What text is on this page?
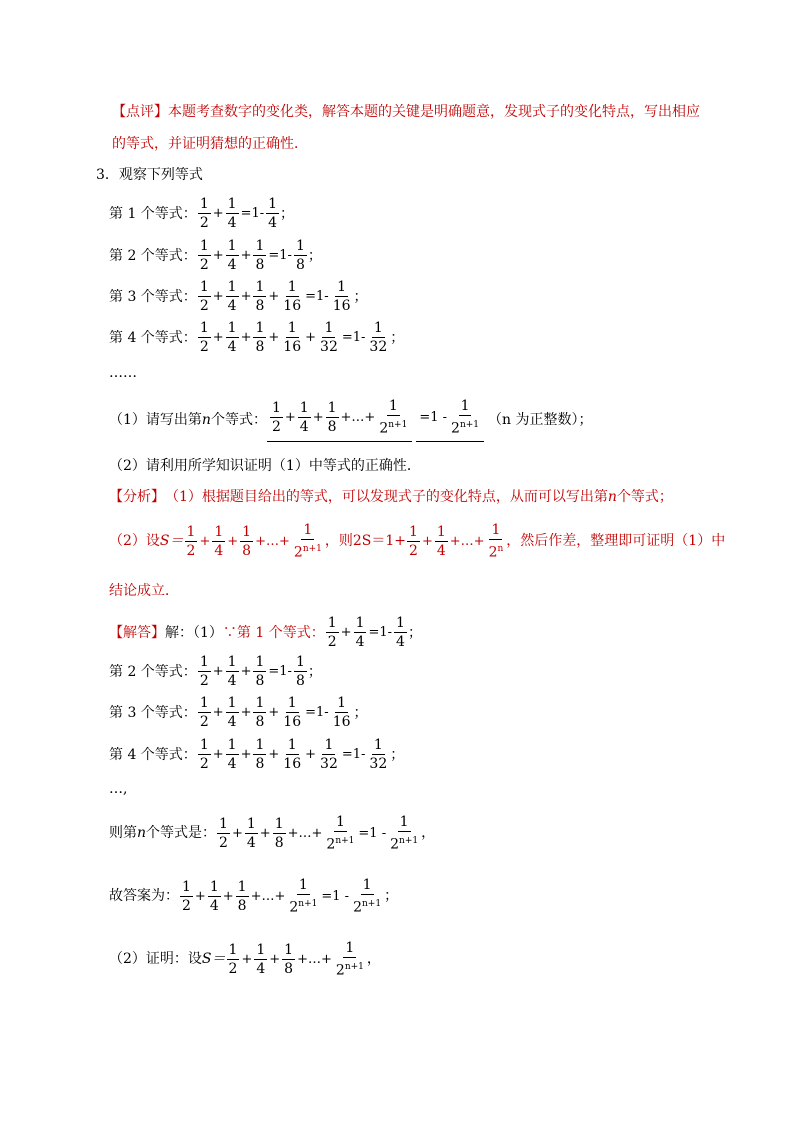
【点评】 本题考查数字的变化类，解答本题的关键是明确题意，发现式子的变化特点，写出相应
的等式，并证明猜想的正确性．
3．观察下列等式
第 1 个等式：
1
2
+ $\frac{1}{4} =1-$
1
4
；
第 2 个等式：
1
2
+ $\frac{1}{4} + \frac{1}{8} =1-$
1
8
；
第 3 个等式：
1
2
+ $\frac{1}{4} + \frac{1}{8} + \frac{1}{16} =1-$
1
16
；
第 4 个等式：
1
2
+ $\frac{1}{4} + \frac{1}{8} + \frac{1}{16} + \frac{1}{32} =1-$
1
32
；
……
（1）请写出第 n 个等式：
1
2
+ $\frac{1}{4} + \frac{1}{8}$ +…+ $\frac{1}{2^{n+1}} =1$ -
1
$2^{n+1}$ （n 为正整数）；
（2）请利用所学知识证明（1）中等式的正确性．
【分析】 （1）根据题目给出的等式，可以发现式子的变化特点，从而可以写出第 n 个等式；
（2）设 S＝
1
2
+ $\frac{1}{4} + \frac{1}{8}$ +…+ $\frac{1}{2^{n+1}}$ ，则 $2S= 1+ \frac{1}{2} + \frac{1}{4}$ +…+ $\frac{1}{2^n}$ ，然后作差，整理即可证明（1）中
结论成立．
【解答】 解：（1） ∵第 1 个等式：
1
2
+ $\frac{1}{4} =1-$
1
4
；
第 2 个等式：
1
2
+ $\frac{1}{4} + \frac{1}{8} =1-$
1
8
；
第 3 个等式：
1
2
+ $\frac{1}{4} + \frac{1}{8} + \frac{1}{16} =1-$
1
16
；
第 4 个等式：
1
2
+ $\frac{1}{4} + \frac{1}{8} + \frac{1}{16} + \frac{1}{32} =1-$
1
32
；
…,
则第 n 个等式是：
1
2
+ $\frac{1}{4} + \frac{1}{8}$ +…+ $\frac{1}{2^{n+1}} =1$ -
1
$2^{n+1}$ ，
故答案为：
1
2
+ $\frac{1}{4} + \frac{1}{8}$ +…+ $\frac{1}{2^{n+1}} =1$ -
1
$2^{n+1}$ ；
（2）证明：设 S＝
1
2
+ $\frac{1}{4} + \frac{1}{8}$ +…+ $\frac{1}{2^{n+1}}$ ，
